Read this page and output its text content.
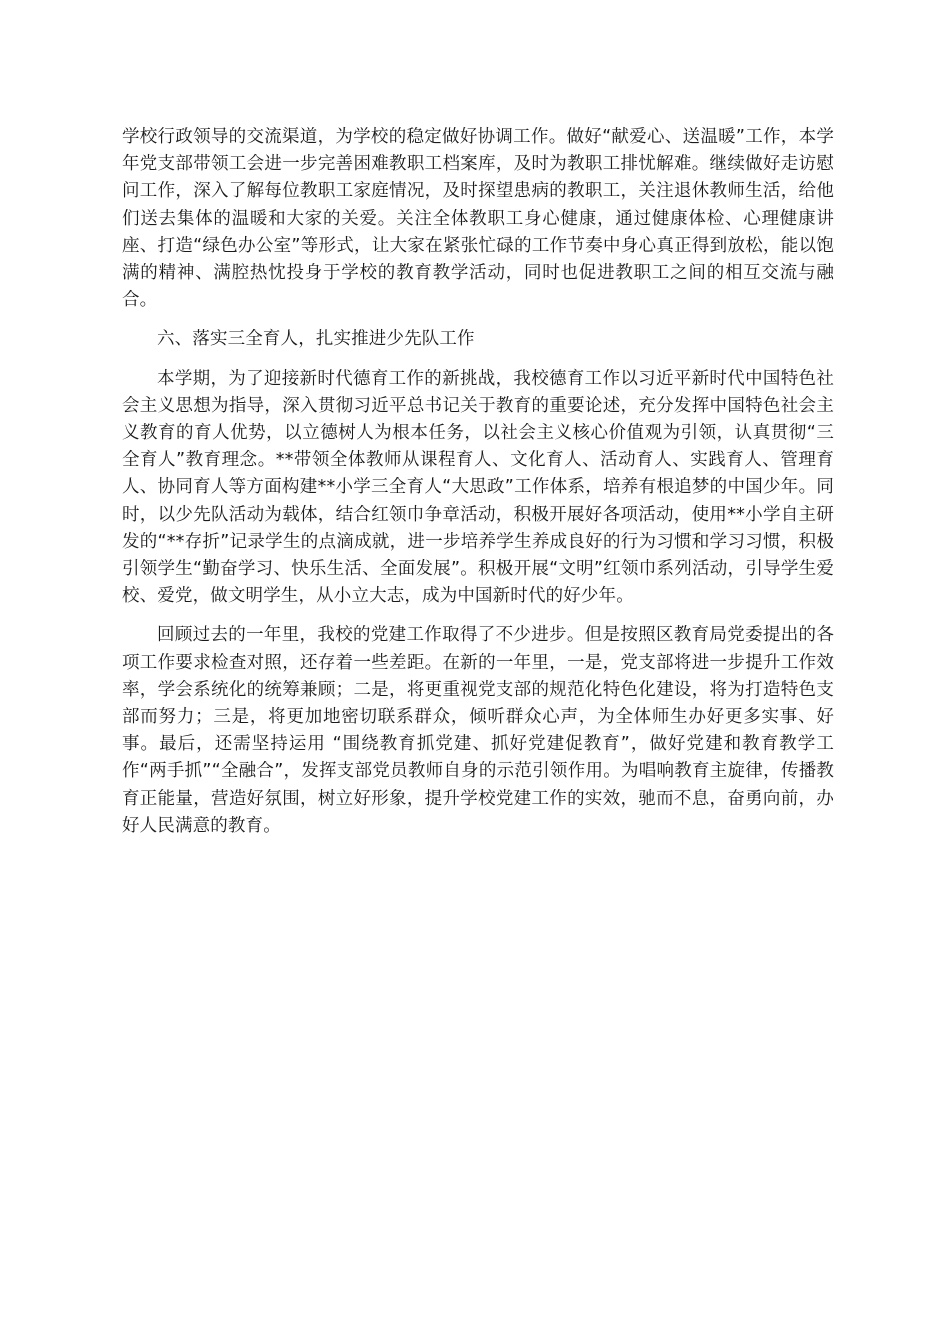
学校行政领导的交流渠道，为学校的稳定做好协调工作。做好“献爱心、送温暖”工作，本学年党支部带领工会进一步完善困难教职工档案库，及时为教职工排忧解难。继续做好走访慰问工作，深入了解每位教职工家庭情况，及时探望患病的教职工，关注退休教师生活，给他们送去集体的温暖和大家的关爱。关注全体教职工身心健康，通过健康体检、心理健康讲座、打造“绿色办公室”等形式，让大家在紧张忙碌的工作节奏中身心真正得到放松，能以饱满的精神、满腔热忱投身于学校的教育教学活动，同时也促进教职工之间的相互交流与融合。

六、落实三全育人，扎实推进少先队工作

本学期，为了迎接新时代德育工作的新挑战，我校德育工作以习近平新时代中国特色社会主义思想为指导，深入贯彻习近平总书记关于教育的重要论述，充分发挥中国特色社会主义教育的育人优势，以立德树人为根本任务，以社会主义核心价值观为引领，认真贯彻“三全育人”教育理念。**带领全体教师从课程育人、文化育人、活动育人、实践育人、管理育人、协同育人等方面构建**小学三全育人“大思政”工作体系，培养有根追梦的中国少年。同时，以少先队活动为载体，结合红领巾争章活动，积极开展好各项活动，使用**小学自主研发的“**存折”记录学生的点滴成就，进一步培养学生养成良好的行为习惯和学习习惯，积极引领学生“勤奋学习、快乐生活、全面发展”。积极开展“文明”红领巾系列活动，引导学生爱校、爱党，做文明学生，从小立大志，成为中国新时代的好少年。

回顾过去的一年里，我校的党建工作取得了不少进步。但是按照区教育局党委提出的各项工作要求检查对照，还存着一些差距。在新的一年里，一是，党支部将进一步提升工作效率，学会系统化的统筹兼顾；二是，将更重视党支部的规范化特色化建设，将为打造特色支部而努力；三是，将更加地密切联系群众，倾听群众心声，为全体师生办好更多实事、好事。最后，还需坚持运用 “围绕教育抓党建、抓好党建促教育”，做好党建和教育教学工作“两手抓”“全融合”，发挥支部党员教师自身的示范引领作用。为唱响教育主旋律，传播教育正能量，营造好氛围，树立好形象，提升学校党建工作的实效，驰而不息，奋勇向前，办好人民满意的教育。
